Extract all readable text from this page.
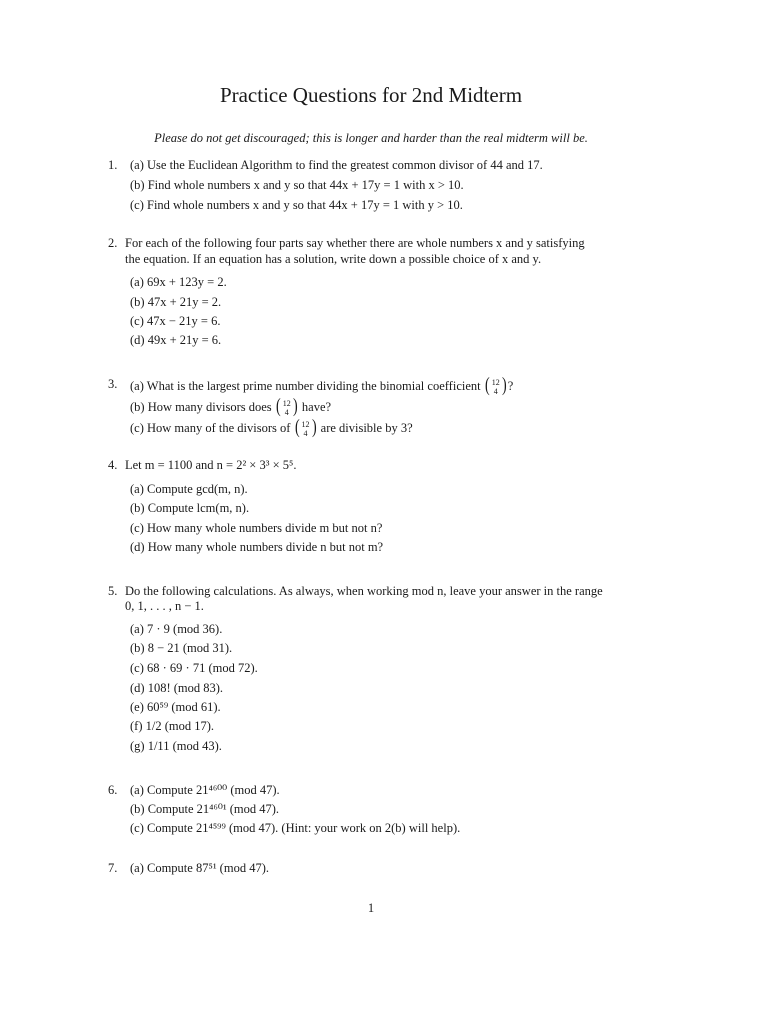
Practice Questions for 2nd Midterm
Please do not get discouraged; this is longer and harder than the real midterm will be.
1. (a) Use the Euclidean Algorithm to find the greatest common divisor of 44 and 17.
(b) Find whole numbers x and y so that 44x + 17y = 1 with x > 10.
(c) Find whole numbers x and y so that 44x + 17y = 1 with y > 10.
2. For each of the following four parts say whether there are whole numbers x and y satisfying
the equation. If an equation has a solution, write down a possible choice of x and y.
(a) 69x + 123y = 2.
(b) 47x + 21y = 2.
(c) 47x − 21y = 6.
(d) 49x + 21y = 6.
3. (a) What is the largest prime number dividing the binomial coefficient ( 12
4 ) ?
(b) How many divisors does ( 12
4 ) have?
(c) How many of the divisors of ( 12
4 ) are divisible by 3?
4. Let m = 1100 and n = 2² × 3³ × 5⁵.
(a) Compute gcd(m, n).
(b) Compute lcm(m, n).
(c) How many whole numbers divide m but not n?
(d) How many whole numbers divide n but not m?
5. Do the following calculations. As always, when working mod n, leave your answer in the range
0, 1, . . . , n − 1.
(a) 7 · 9 (mod 36).
(b) 8 − 21 (mod 31).
(c) 68 · 69 · 71 (mod 72).
(d) 108! (mod 83).
(e) 60⁵⁹ (mod 61).
(f) 1/2 (mod 17).
(g) 1/11 (mod 43).
6. (a) Compute 21⁴⁶⁰⁰ (mod 47).
(b) Compute 21⁴⁶⁰¹ (mod 47).
(c) Compute 21⁴⁵⁹⁹ (mod 47). (Hint: your work on 2(b) will help).
7. (a) Compute 87⁵¹ (mod 47).
1
